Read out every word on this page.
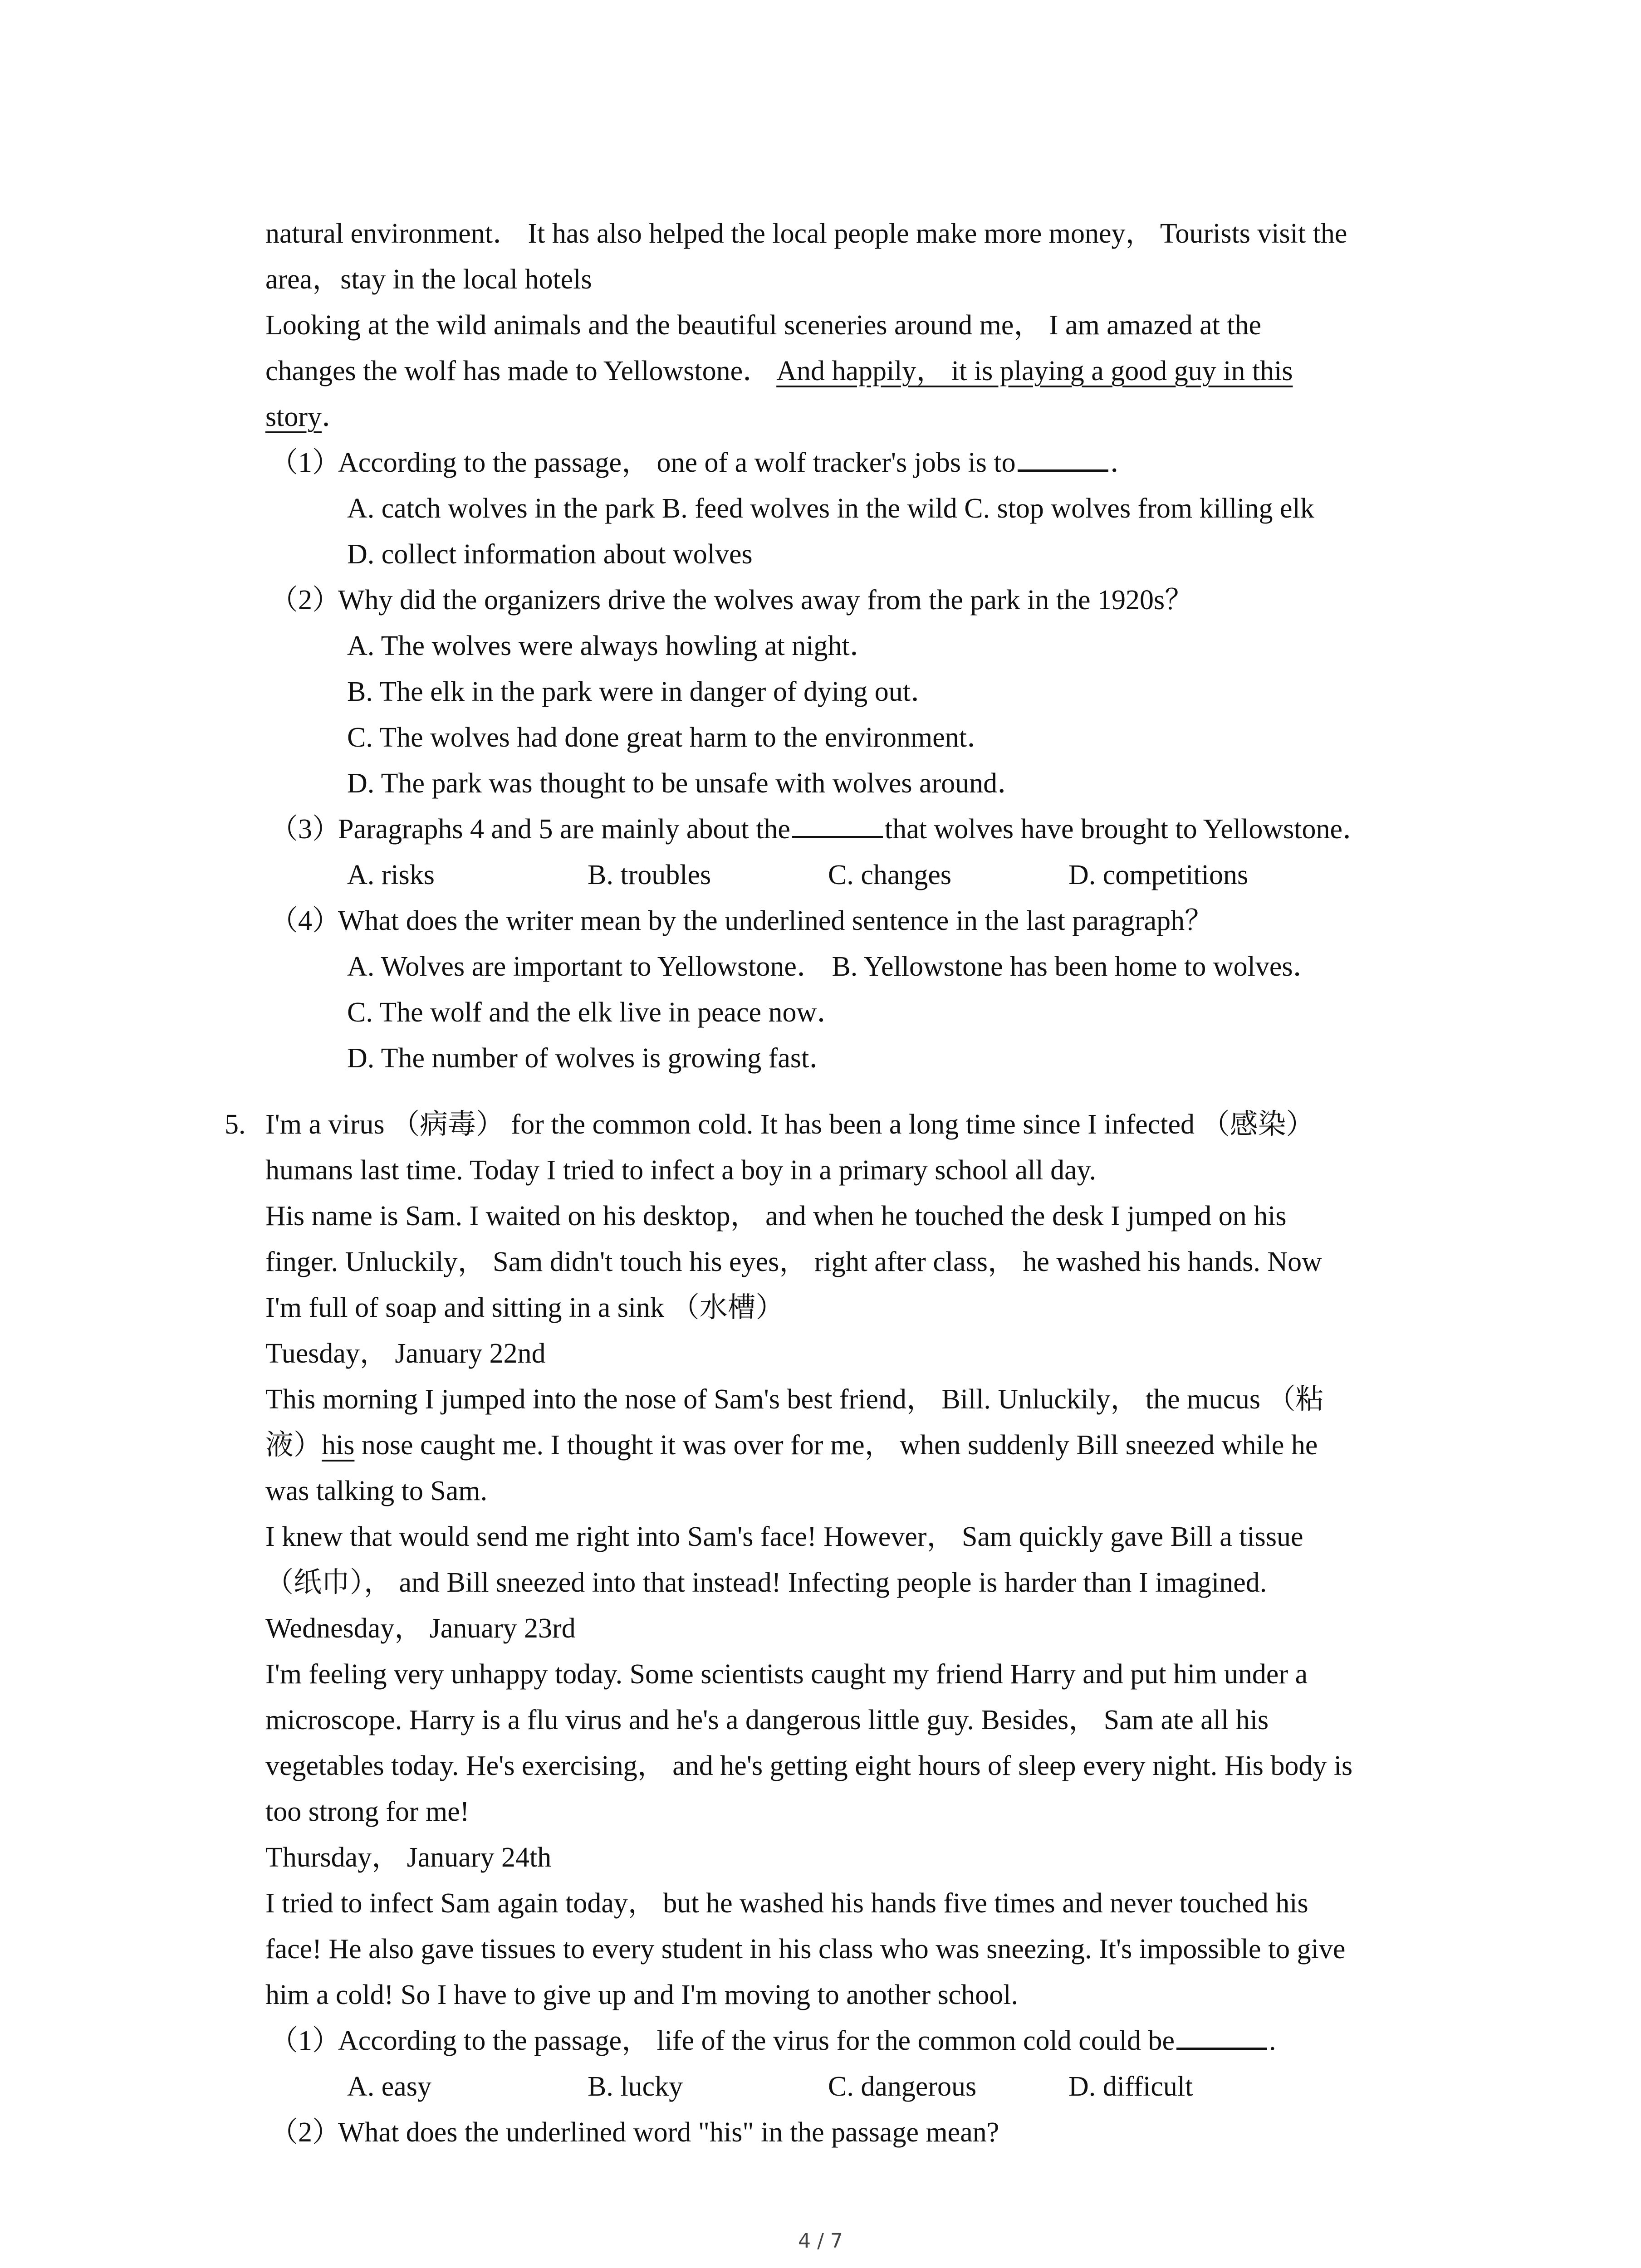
natural environment． It has also helped the local people make more money， Tourists visit the
area，stay in the local hotels
Looking at the wild animals and the beautiful sceneries around me， I am amazed at the
changes the wolf has made to Yellowstone． And happily， it is playing a good guy in this
story．
（1）According to the passage， one of a wolf tracker's jobs is to	．
A. catch wolves in the park B. feed wolves in the wild C. stop wolves from killing elk
D. collect information about wolves
（2）Why did the organizers drive the wolves away from the park in the 1920s？
A. The wolves were always howling at night．
B. The elk in the park were in danger of dying out．
C. The wolves had done great harm to the environment．
D. The park was thought to be unsafe with wolves around．
（3）Paragraphs 4 and 5 are mainly about the	that wolves have brought to Yellowstone．
A. risks	B. troubles	C. changes	D. competitions
（4）What does the writer mean by the underlined sentence in the last paragraph？
A. Wolves are important to Yellowstone． B. Yellowstone has been home to wolves．
C. The wolf and the elk live in peace now．
D. The number of wolves is growing fast．
5. I'm a virus （病毒） for the common cold. It has been a long time since I infected （感染）
humans last time. Today I tried to infect a boy in a primary school all day.
His name is Sam. I waited on his desktop， and when he touched the desk I jumped on his
finger. Unluckily， Sam didn't touch his eyes， right after class， he washed his hands. Now
I'm full of soap and sitting in a sink （水槽）
Tuesday， January 22nd
This morning I jumped into the nose of Sam's best friend， Bill. Unluckily， the mucus （粘
液）his nose caught me. I thought it was over for me， when suddenly Bill sneezed while he
was talking to Sam.
I knew that would send me right into Sam's face! However， Sam quickly gave Bill a tissue
（纸巾）， and Bill sneezed into that instead! Infecting people is harder than I imagined.
Wednesday， January 23rd
I'm feeling very unhappy today. Some scientists caught my friend Harry and put him under a
microscope. Harry is a flu virus and he's a dangerous little guy. Besides， Sam ate all his
vegetables today. He's exercising， and he's getting eight hours of sleep every night. His body is
too strong for me!
Thursday， January 24th
I tried to infect Sam again today， but he washed his hands five times and never touched his
face! He also gave tissues to every student in his class who was sneezing. It's impossible to give
him a cold! So I have to give up and I'm moving to another school.
（1）According to the passage， life of the virus for the common cold could be	.
A. easy	B. lucky	C. dangerous	D. difficult
（2）What does the underlined word "his" in the passage mean?
4 / 7
